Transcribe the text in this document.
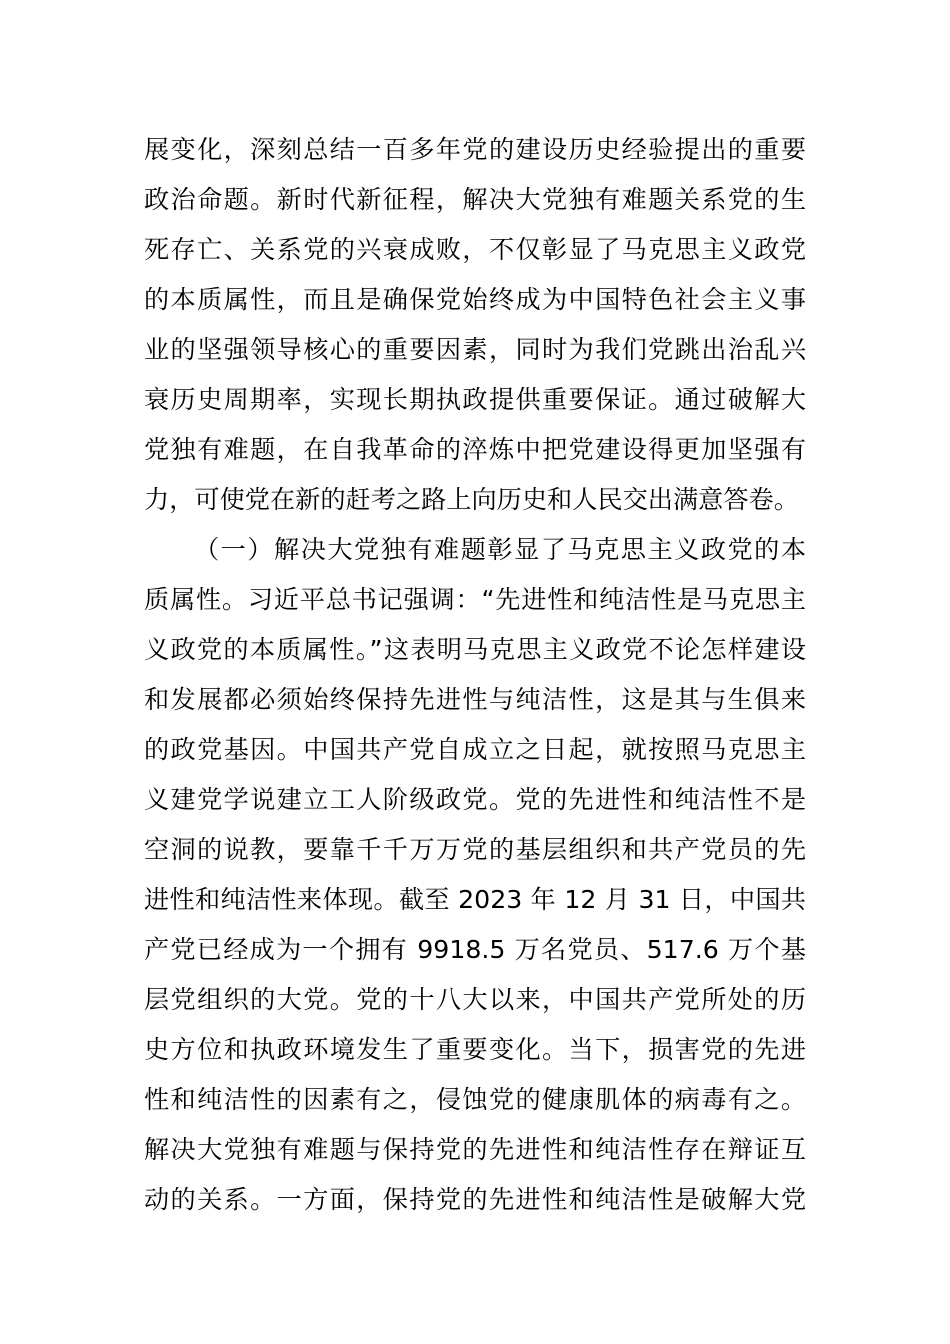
展变化，深刻总结一百多年党的建设历史经验提出的重要
政治命题。新时代新征程，解决大党独有难题关系党的生
死存亡、关系党的兴衰成败，不仅彰显了马克思主义政党
的本质属性，而且是确保党始终成为中国特色社会主义事
业的坚强领导核心的重要因素，同时为我们党跳出治乱兴
衰历史周期率，实现长期执政提供重要保证。通过破解大
党独有难题，在自我革命的淬炼中把党建设得更加坚强有
力，可使党在新的赶考之路上向历史和人民交出满意答卷。
（一）解决大党独有难题彰显了马克思主义政党的本
质属性。习近平总书记强调：“先进性和纯洁性是马克思主
义政党的本质属性。”这表明马克思主义政党不论怎样建设
和发展都必须始终保持先进性与纯洁性，这是其与生俱来
的政党基因。中国共产党自成立之日起，就按照马克思主
义建党学说建立工人阶级政党。党的先进性和纯洁性不是
空洞的说教，要靠千千万万党的基层组织和共产党员的先
进性和纯洁性来体现。截至 2023 年 12 月 31 日，中国共
产党已经成为一个拥有 9918.5 万名党员、517.6 万个基
层党组织的大党。党的十八大以来，中国共产党所处的历
史方位和执政环境发生了重要变化。当下，损害党的先进
性和纯洁性的因素有之，侵蚀党的健康肌体的病毒有之。
解决大党独有难题与保持党的先进性和纯洁性存在辩证互
动的关系。一方面，保持党的先进性和纯洁性是破解大党
